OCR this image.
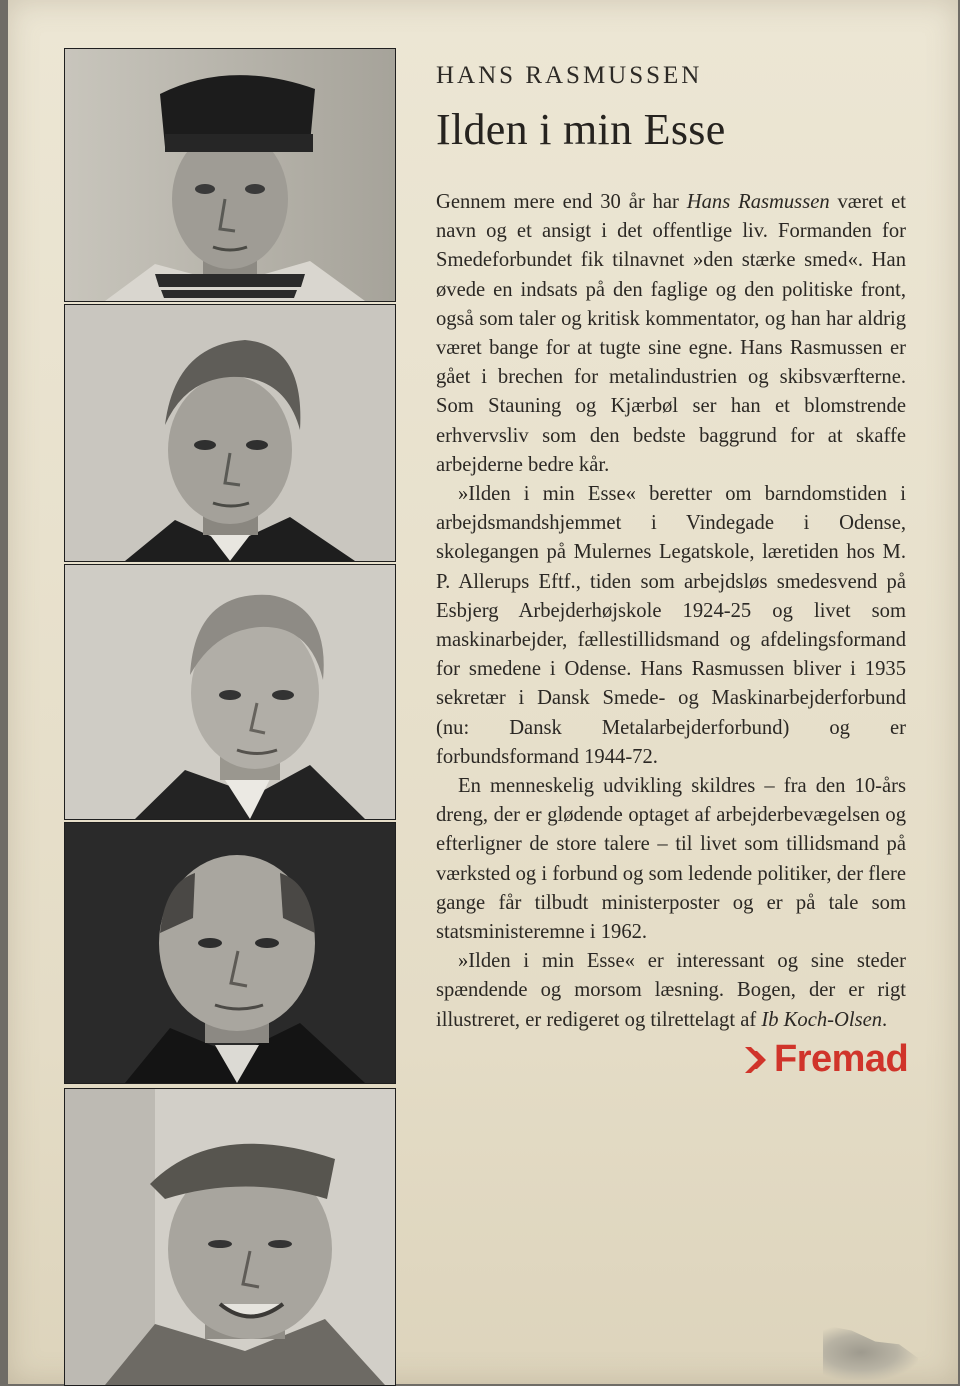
HANS RASMUSSEN
Ilden i min Esse

Gennem mere end 30 år har Hans Rasmussen været et navn og et ansigt i det offentlige liv. Formanden for Smedeforbundet fik tilnavnet »den stærke smed«. Han øvede en indsats på den faglige og den politiske front, også som taler og kritisk kommentator, og han har aldrig været bange for at tugte sine egne. Hans Rasmussen er gået i brechen for metalindustrien og skibsværfterne. Som Stauning og Kjærbøl ser han et blomstrende erhvervsliv som den bedste baggrund for at skaffe arbejderne bedre kår.

»Ilden i min Esse« beretter om barndomstiden i arbejdsmandshjemmet i Vindegade i Odense, skolegangen på Mulernes Legatskole, læretiden hos M. P. Allerups Eftf., tiden som arbejdsløs smedesvend på Esbjerg Arbejderhøjskole 1924-25 og livet som maskinarbejder, fællestillidsmand og afdelingsformand for smedene i Odense. Hans Rasmussen bliver i 1935 sekretær i Dansk Smede- og Maskinarbejderforbund (nu: Dansk Metalarbejderforbund) og er forbundsformand 1944-72.

En menneskelig udvikling skildres – fra den 10-års dreng, der er glødende optaget af arbejderbevægelsen og efterligner de store talere – til livet som tillidsmand på værksted og i forbund og som ledende politiker, der flere gange får tilbudt ministerposter og er på tale som statsministeremne i 1962.

»Ilden i min Esse« er interessant og sine steder spændende og morsom læsning. Bogen, der er rigt illustreret, er redigeret og tilrettelagt af Ib Koch-Olsen.

Fremad
